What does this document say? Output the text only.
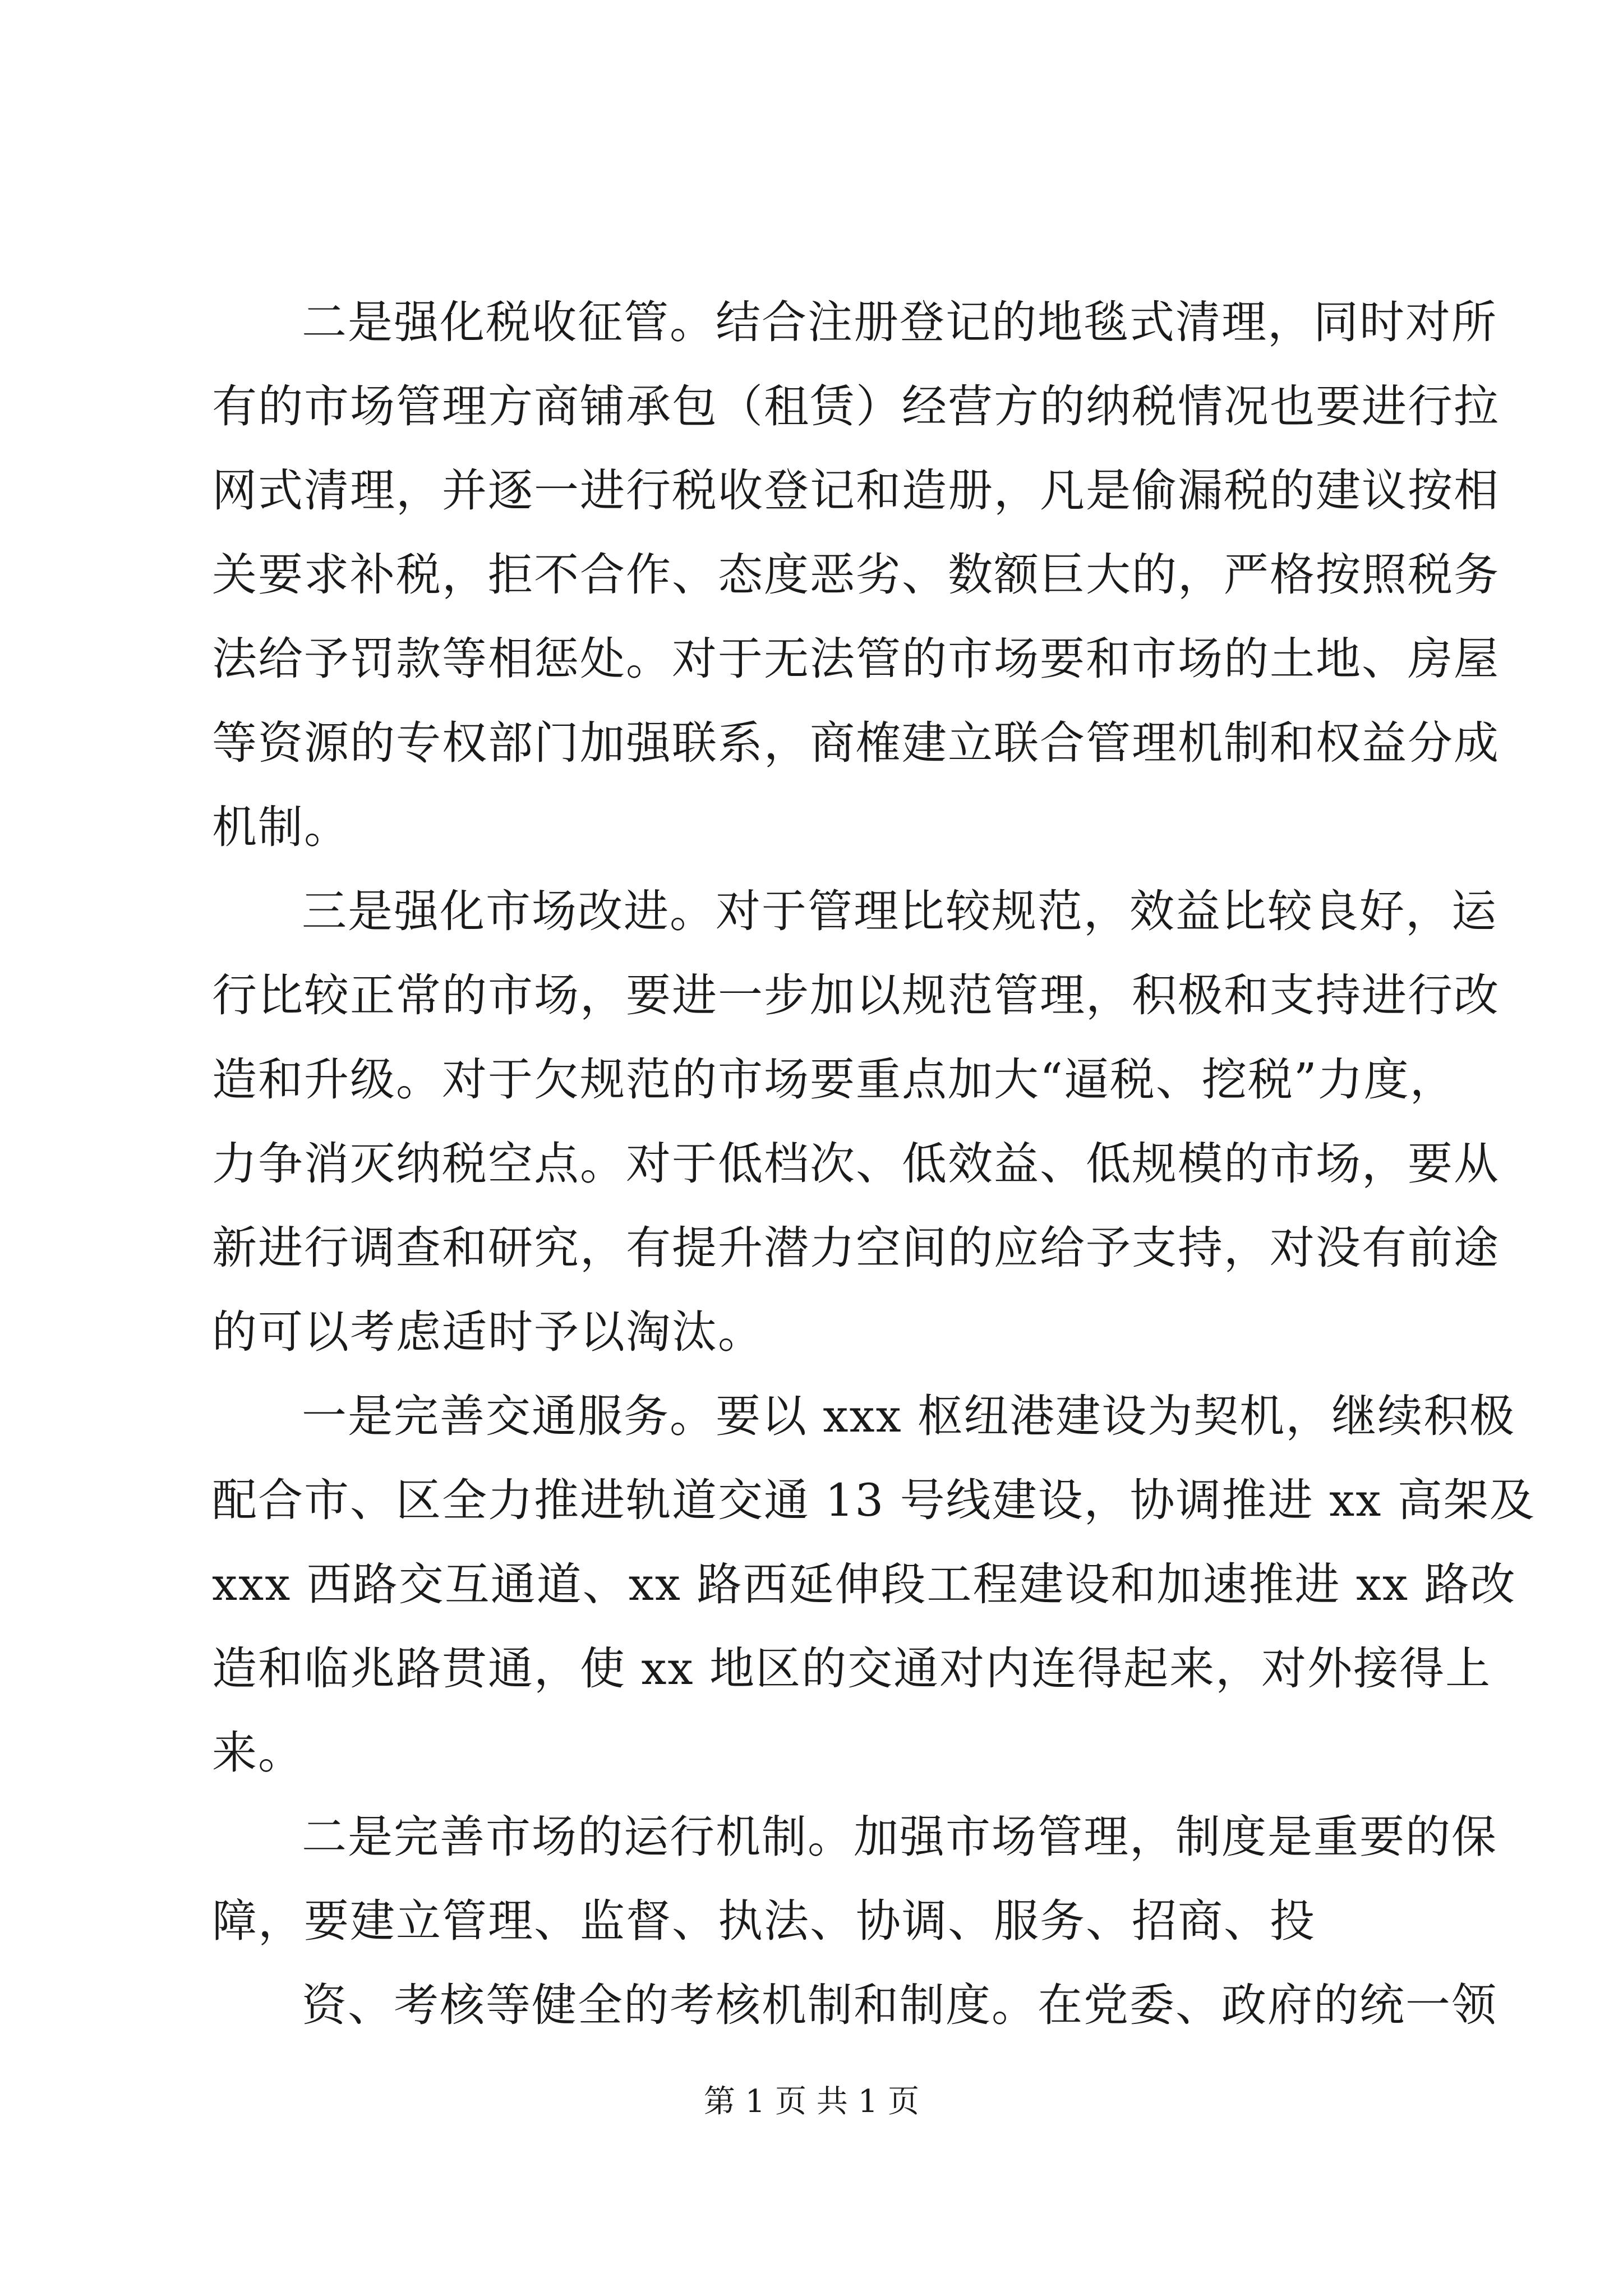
二是强化税收征管。结合注册登记的地毯式清理，同时对所
有的市场管理方商铺承包（租赁）经营方的纳税情况也要进行拉
网式清理，并逐一进行税收登记和造册，凡是偷漏税的建议按相
关要求补税，拒不合作、态度恶劣、数额巨大的，严格按照税务
法给予罚款等相惩处。对于无法管的市场要和市场的土地、房屋
等资源的专权部门加强联系，商榷建立联合管理机制和权益分成
机制。
三是强化市场改进。对于管理比较规范，效益比较良好，运
行比较正常的市场，要进一步加以规范管理，积极和支持进行改
造和升级。对于欠规范的市场要重点加大“逼税、挖税”力度，
力争消灭纳税空点。对于低档次、低效益、低规模的市场，要从
新进行调查和研究，有提升潜力空间的应给予支持，对没有前途
的可以考虑适时予以淘汰。
一是完善交通服务。要以 xxx 枢纽港建设为契机，继续积极
配合市、区全力推进轨道交通 13 号线建设，协调推进 xx 高架及
xxx 西路交互通道、xx 路西延伸段工程建设和加速推进 xx 路改
造和临兆路贯通，使 xx 地区的交通对内连得起来，对外接得上
来。
二是完善市场的运行机制。加强市场管理，制度是重要的保
障，要建立管理、监督、执法、协调、服务、招商、投
资、考核等健全的考核机制和制度。在党委、政府的统一领
第 1 页 共 1 页
